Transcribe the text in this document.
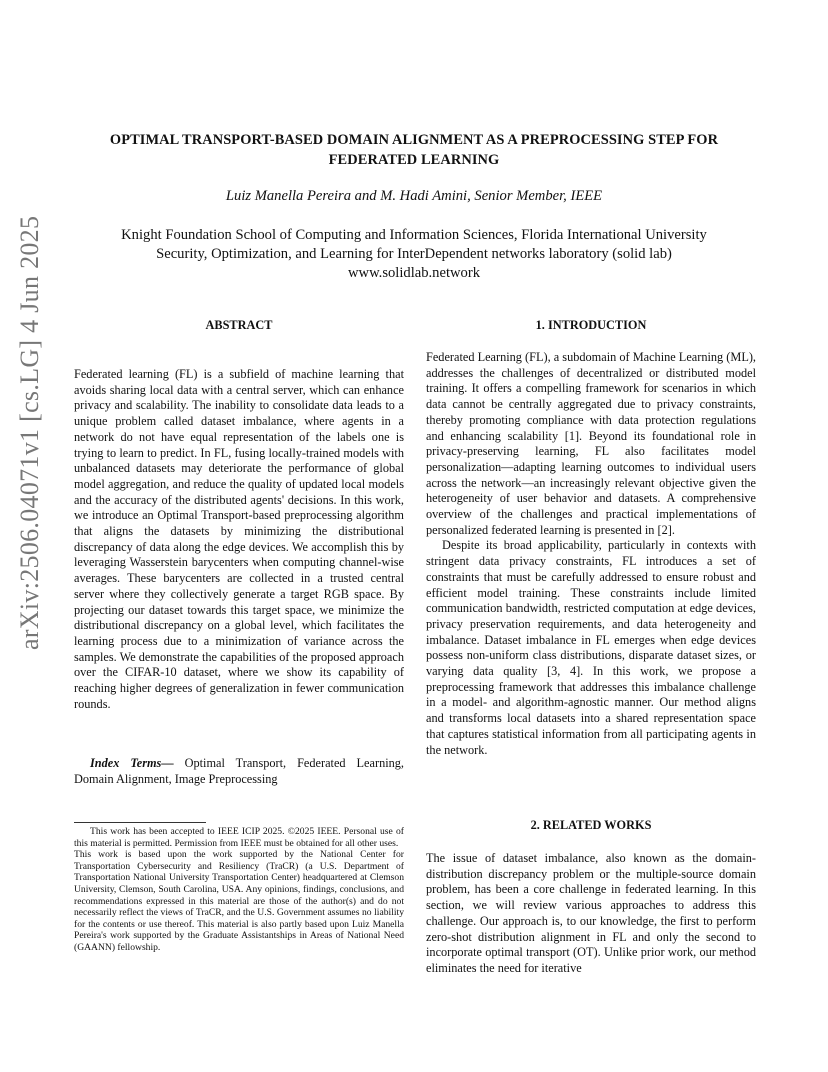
arXiv:2506.04071v1 [cs.LG] 4 Jun 2025
OPTIMAL TRANSPORT-BASED DOMAIN ALIGNMENT AS A PREPROCESSING STEP FOR
FEDERATED LEARNING
Luiz Manella Pereira and M. Hadi Amini, Senior Member, IEEE
Knight Foundation School of Computing and Information Sciences, Florida International University
Security, Optimization, and Learning for InterDependent networks laboratory (solid lab)
www.solidlab.network
ABSTRACT

Federated learning (FL) is a subfield of machine learning that avoids sharing local data with a central server, which can enhance privacy and scalability. The inability to consolidate data leads to a unique problem called dataset imbalance, where agents in a network do not have equal representation of the labels one is trying to learn to predict. In FL, fusing locally-trained models with unbalanced datasets may deteriorate the performance of global model aggregation, and reduce the quality of updated local models and the accuracy of the distributed agents' decisions. In this work, we introduce an Optimal Transport-based preprocessing algorithm that aligns the datasets by minimizing the distributional discrepancy of data along the edge devices. We accomplish this by leveraging Wasserstein barycenters when computing channel-wise averages. These barycenters are collected in a trusted central server where they collectively generate a target RGB space. By projecting our dataset towards this target space, we minimize the distributional discrepancy on a global level, which facilitates the learning process due to a minimization of variance across the samples. We demonstrate the capabilities of the proposed approach over the CIFAR-10 dataset, where we show its capability of reaching higher degrees of generalization in fewer communication rounds.

Index Terms— Optimal Transport, Federated Learning, Domain Alignment, Image Preprocessing

This work has been accepted to IEEE ICIP 2025. ©2025 IEEE. Personal use of this material is permitted. Permission from IEEE must be obtained for all other uses.

This work is based upon the work supported by the National Center for Transportation Cybersecurity and Resiliency (TraCR) (a U.S. Department of Transportation National University Transportation Center) headquartered at Clemson University, Clemson, South Carolina, USA. Any opinions, findings, conclusions, and recommendations expressed in this material are those of the author(s) and do not necessarily reflect the views of TraCR, and the U.S. Government assumes no liability for the contents or use thereof. This material is also partly based upon Luiz Manella Pereira's work supported by the Graduate Assistantships in Areas of National Need (GAANN) fellowship.

1. INTRODUCTION

Federated Learning (FL), a subdomain of Machine Learning (ML), addresses the challenges of decentralized or distributed model training. It offers a compelling framework for scenarios in which data cannot be centrally aggregated due to privacy constraints, thereby promoting compliance with data protection regulations and enhancing scalability [1]. Beyond its foundational role in privacy-preserving learning, FL also facilitates model personalization—adapting learning outcomes to individual users across the network—an increasingly relevant objective given the heterogeneity of user behavior and datasets. A comprehensive overview of the challenges and practical implementations of personalized federated learning is presented in [2].

Despite its broad applicability, particularly in contexts with stringent data privacy constraints, FL introduces a set of constraints that must be carefully addressed to ensure robust and efficient model training. These constraints include limited communication bandwidth, restricted computation at edge devices, privacy preservation requirements, and data heterogeneity and imbalance. Dataset imbalance in FL emerges when edge devices possess non-uniform class distributions, disparate dataset sizes, or varying data quality [3, 4]. In this work, we propose a preprocessing framework that addresses this imbalance challenge in a model- and algorithm-agnostic manner. Our method aligns and transforms local datasets into a shared representation space that captures statistical information from all participating agents in the network.

2. RELATED WORKS

The issue of dataset imbalance, also known as the domain-distribution discrepancy problem or the multiple-source domain problem, has been a core challenge in federated learning. In this section, we will review various approaches to address this challenge. Our approach is, to our knowledge, the first to perform zero-shot distribution alignment in FL and only the second to incorporate optimal transport (OT). Unlike prior work, our method eliminates the need for iterative
